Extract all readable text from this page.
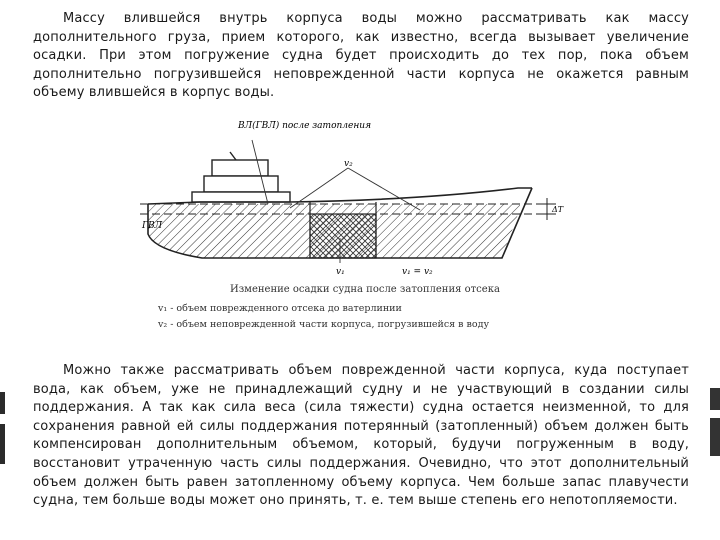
Массу влившейся внутрь корпуса воды можно рассматривать как массу дополнительного груза, прием которого, как известно, всегда вызывает увеличение осадки. При этом погружение судна будет происходить до тех пор, пока объем дополнительно погрузившейся неповрежденной части корпуса не окажется равным объему влившейся в корпус воды.

ВЛ(ГВЛ) после затопления
v₂
v₁	v₁ = v₂
ГВЛ
ΔT

Изменение осадки судна после затопления отсека

v₁ - объем поврежденного отсека до ватерлинии

v₂ - объем неповрежденной части корпуса, погрузившейся в воду

Можно также рассматривать объем поврежденной части корпуса, куда поступает вода, как объем, уже не принадлежащий судну и не участвующий в создании силы поддержания. А так как сила веса (сила тяжести) судна остается неизменной, то для сохранения равной ей силы поддержания потерянный (затопленный) объем должен быть компенсирован дополнительным объемом, который, будучи погруженным в воду, восстановит утраченную часть силы поддержания. Очевидно, что этот дополнительный объем должен быть равен затопленному объему корпуса. Чем больше запас плавучести судна, тем больше воды может оно принять, т. е. тем выше степень его непотопляемости.
